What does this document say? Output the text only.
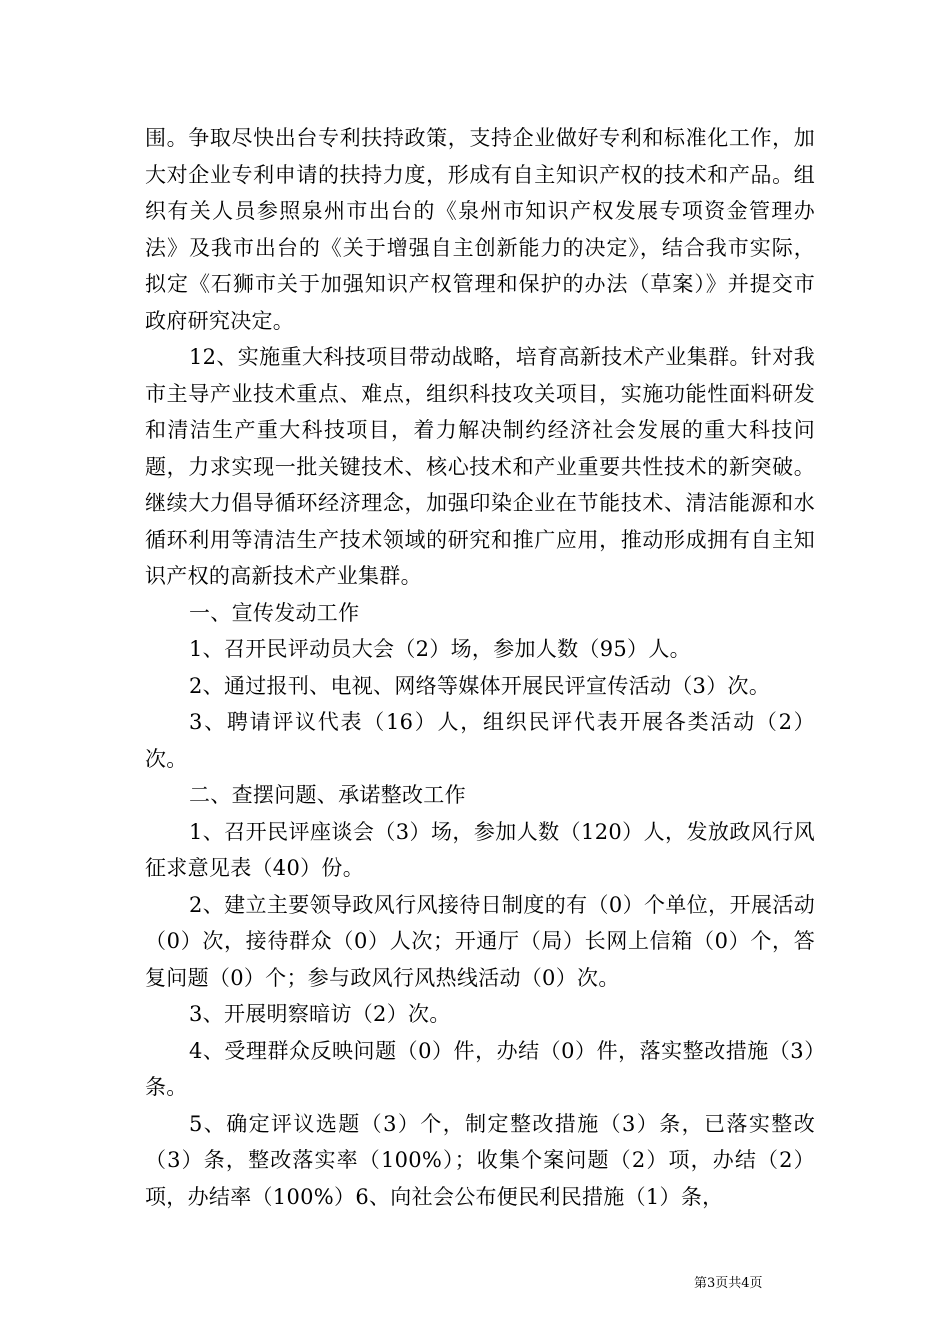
围。争取尽快出台专利扶持政策，支持企业做好专利和标准化工作，加大对企业专利申请的扶持力度，形成有自主知识产权的技术和产品。组织有关人员参照泉州市出台的《泉州市知识产权发展专项资金管理办法》及我市出台的《关于增强自主创新能力的决定》，结合我市实际，拟定《石狮市关于加强知识产权管理和保护的办法（草案）》并提交市政府研究决定。

12、实施重大科技项目带动战略，培育高新技术产业集群。针对我市主导产业技术重点、难点，组织科技攻关项目，实施功能性面料研发和清洁生产重大科技项目，着力解决制约经济社会发展的重大科技问题，力求实现一批关键技术、核心技术和产业重要共性技术的新突破。继续大力倡导循环经济理念，加强印染企业在节能技术、清洁能源和水循环利用等清洁生产技术领域的研究和推广应用，推动形成拥有自主知识产权的高新技术产业集群。

一、宣传发动工作

1、召开民评动员大会（2）场，参加人数（95）人。

2、通过报刊、电视、网络等媒体开展民评宣传活动（3）次。

3、聘请评议代表（16）人，组织民评代表开展各类活动（2）次。

二、查摆问题、承诺整改工作

1、召开民评座谈会（3）场，参加人数（120）人，发放政风行风征求意见表（40）份。

2、建立主要领导政风行风接待日制度的有（0）个单位，开展活动（0）次，接待群众（0）人次；开通厅（局）长网上信箱（0）个，答复问题（0）个；参与政风行风热线活动（0）次。

3、开展明察暗访（2）次。

4、受理群众反映问题（0）件，办结（0）件，落实整改措施（3）条。

5、确定评议选题（3）个，制定整改措施（3）条，已落实整改（3）条，整改落实率（100%）；收集个案问题（2）项，办结（2）项，办结率（100%）6、向社会公布便民利民措施（1）条，

第3页共4页
